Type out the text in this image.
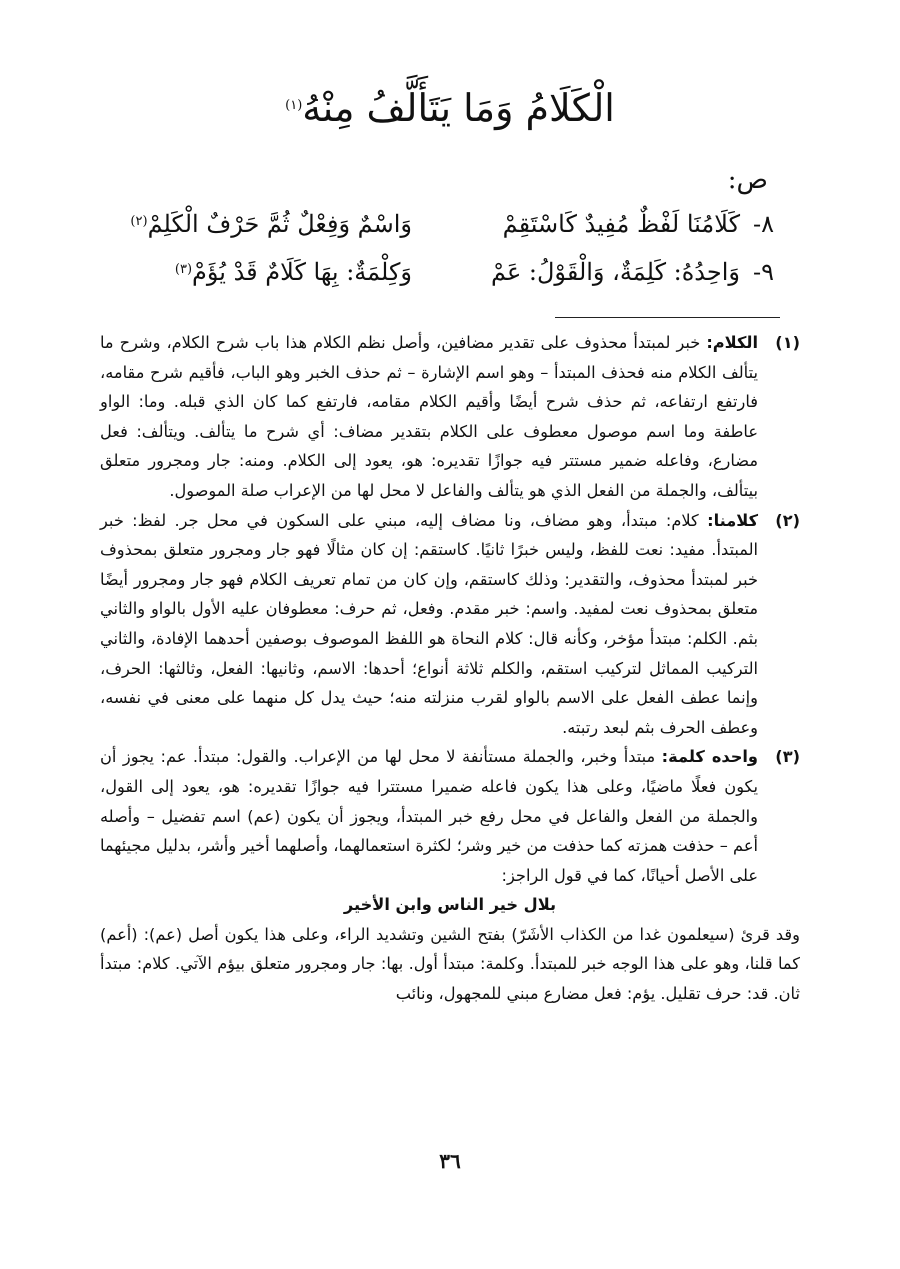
الْكَلَامُ وَمَا يَتَأَلَّفُ مِنْهُ$^{(١)}$
ص:
٨-
كَلَامُنَا لَفْظٌ مُفِيدٌ كَاسْتَقِمْ
وَاسْمٌ وَفِعْلٌ ثُمَّ حَرْفٌ الْكَلِمْ$^{(٢)}$
٩-
وَاحِدُهُ: كَلِمَةٌ، وَالْقَوْلُ: عَمْ
وَكِلْمَةٌ: بِهَا كَلَامٌ قَدْ يُؤَمْ$^{(٣)}$
(١)

الكلام: خبر لمبتدأ محذوف على تقدير مضافين، وأصل نظم الكلام هذا باب شرح الكلام، وشرح ما يتألف الكلام منه فحذف المبتدأ – وهو اسم الإشارة – ثم حذف الخبر وهو الباب، فأقيم شرح مقامه، فارتفع ارتفاعه، ثم حذف شرح أيضًا وأقيم الكلام مقامه، فارتفع كما كان الذي قبله. وما: الواو عاطفة وما اسم موصول معطوف على الكلام بتقدير مضاف: أي شرح ما يتألف. ويتألف: فعل مضارع، وفاعله ضمير مستتر فيه جوازًا تقديره: هو، يعود إلى الكلام. ومنه: جار ومجرور متعلق بيتألف، والجملة من الفعل الذي هو يتألف والفاعل لا محل لها من الإعراب صلة الموصول.

(٢)

كلامنا: كلام: مبتدأ، وهو مضاف، ونا مضاف إليه، مبني على السكون في محل جر. لفظ: خبر المبتدأ. مفيد: نعت للفظ، وليس خبرًا ثانيًا. كاستقم: إن كان مثالًا فهو جار ومجرور متعلق بمحذوف خبر لمبتدأ محذوف، والتقدير: وذلك كاستقم، وإن كان من تمام تعريف الكلام فهو جار ومجرور أيضًا متعلق بمحذوف نعت لمفيد. واسم: خبر مقدم. وفعل، ثم حرف: معطوفان عليه الأول بالواو والثاني بثم. الكلم: مبتدأ مؤخر، وكأنه قال: كلام النحاة هو اللفظ الموصوف بوصفين أحدهما الإفادة، والثاني التركيب المماثل لتركيب استقم، والكلم ثلاثة أنواع؛ أحدها: الاسم، وثانيها: الفعل، وثالثها: الحرف، وإنما عطف الفعل على الاسم بالواو لقرب منزلته منه؛ حيث يدل كل منهما على معنى في نفسه، وعطف الحرف بثم لبعد رتبته.

(٣)

واحده كلمة: مبتدأ وخبر، والجملة مستأنفة لا محل لها من الإعراب. والقول: مبتدأ. عم: يجوز أن يكون فعلًا ماضيًا، وعلى هذا يكون فاعله ضميرا مستترا فيه جوازًا تقديره: هو، يعود إلى القول، والجملة من الفعل والفاعل في محل رفع خبر المبتدأ، ويجوز أن يكون (عم) اسم تفضيل – وأصله أعم – حذفت همزته كما حذفت من خير وشر؛ لكثرة استعمالهما، وأصلهما أخير وأشر، بدليل مجيئهما على الأصل أحيانًا، كما في قول الراجز:

بلال خير الناس وابن الأخير
وقد قرئ (سيعلمون غدا من الكذاب الأشَرّ) بفتح الشين وتشديد الراء، وعلى هذا يكون أصل (عم): (أعم) كما قلنا، وهو على هذا الوجه خبر للمبتدأ. وكلمة: مبتدأ أول. بها: جار ومجرور متعلق بيؤم الآتي. كلام: مبتدأ ثان. قد: حرف تقليل. يؤم: فعل مضارع مبني للمجهول، ونائب
٣٦
